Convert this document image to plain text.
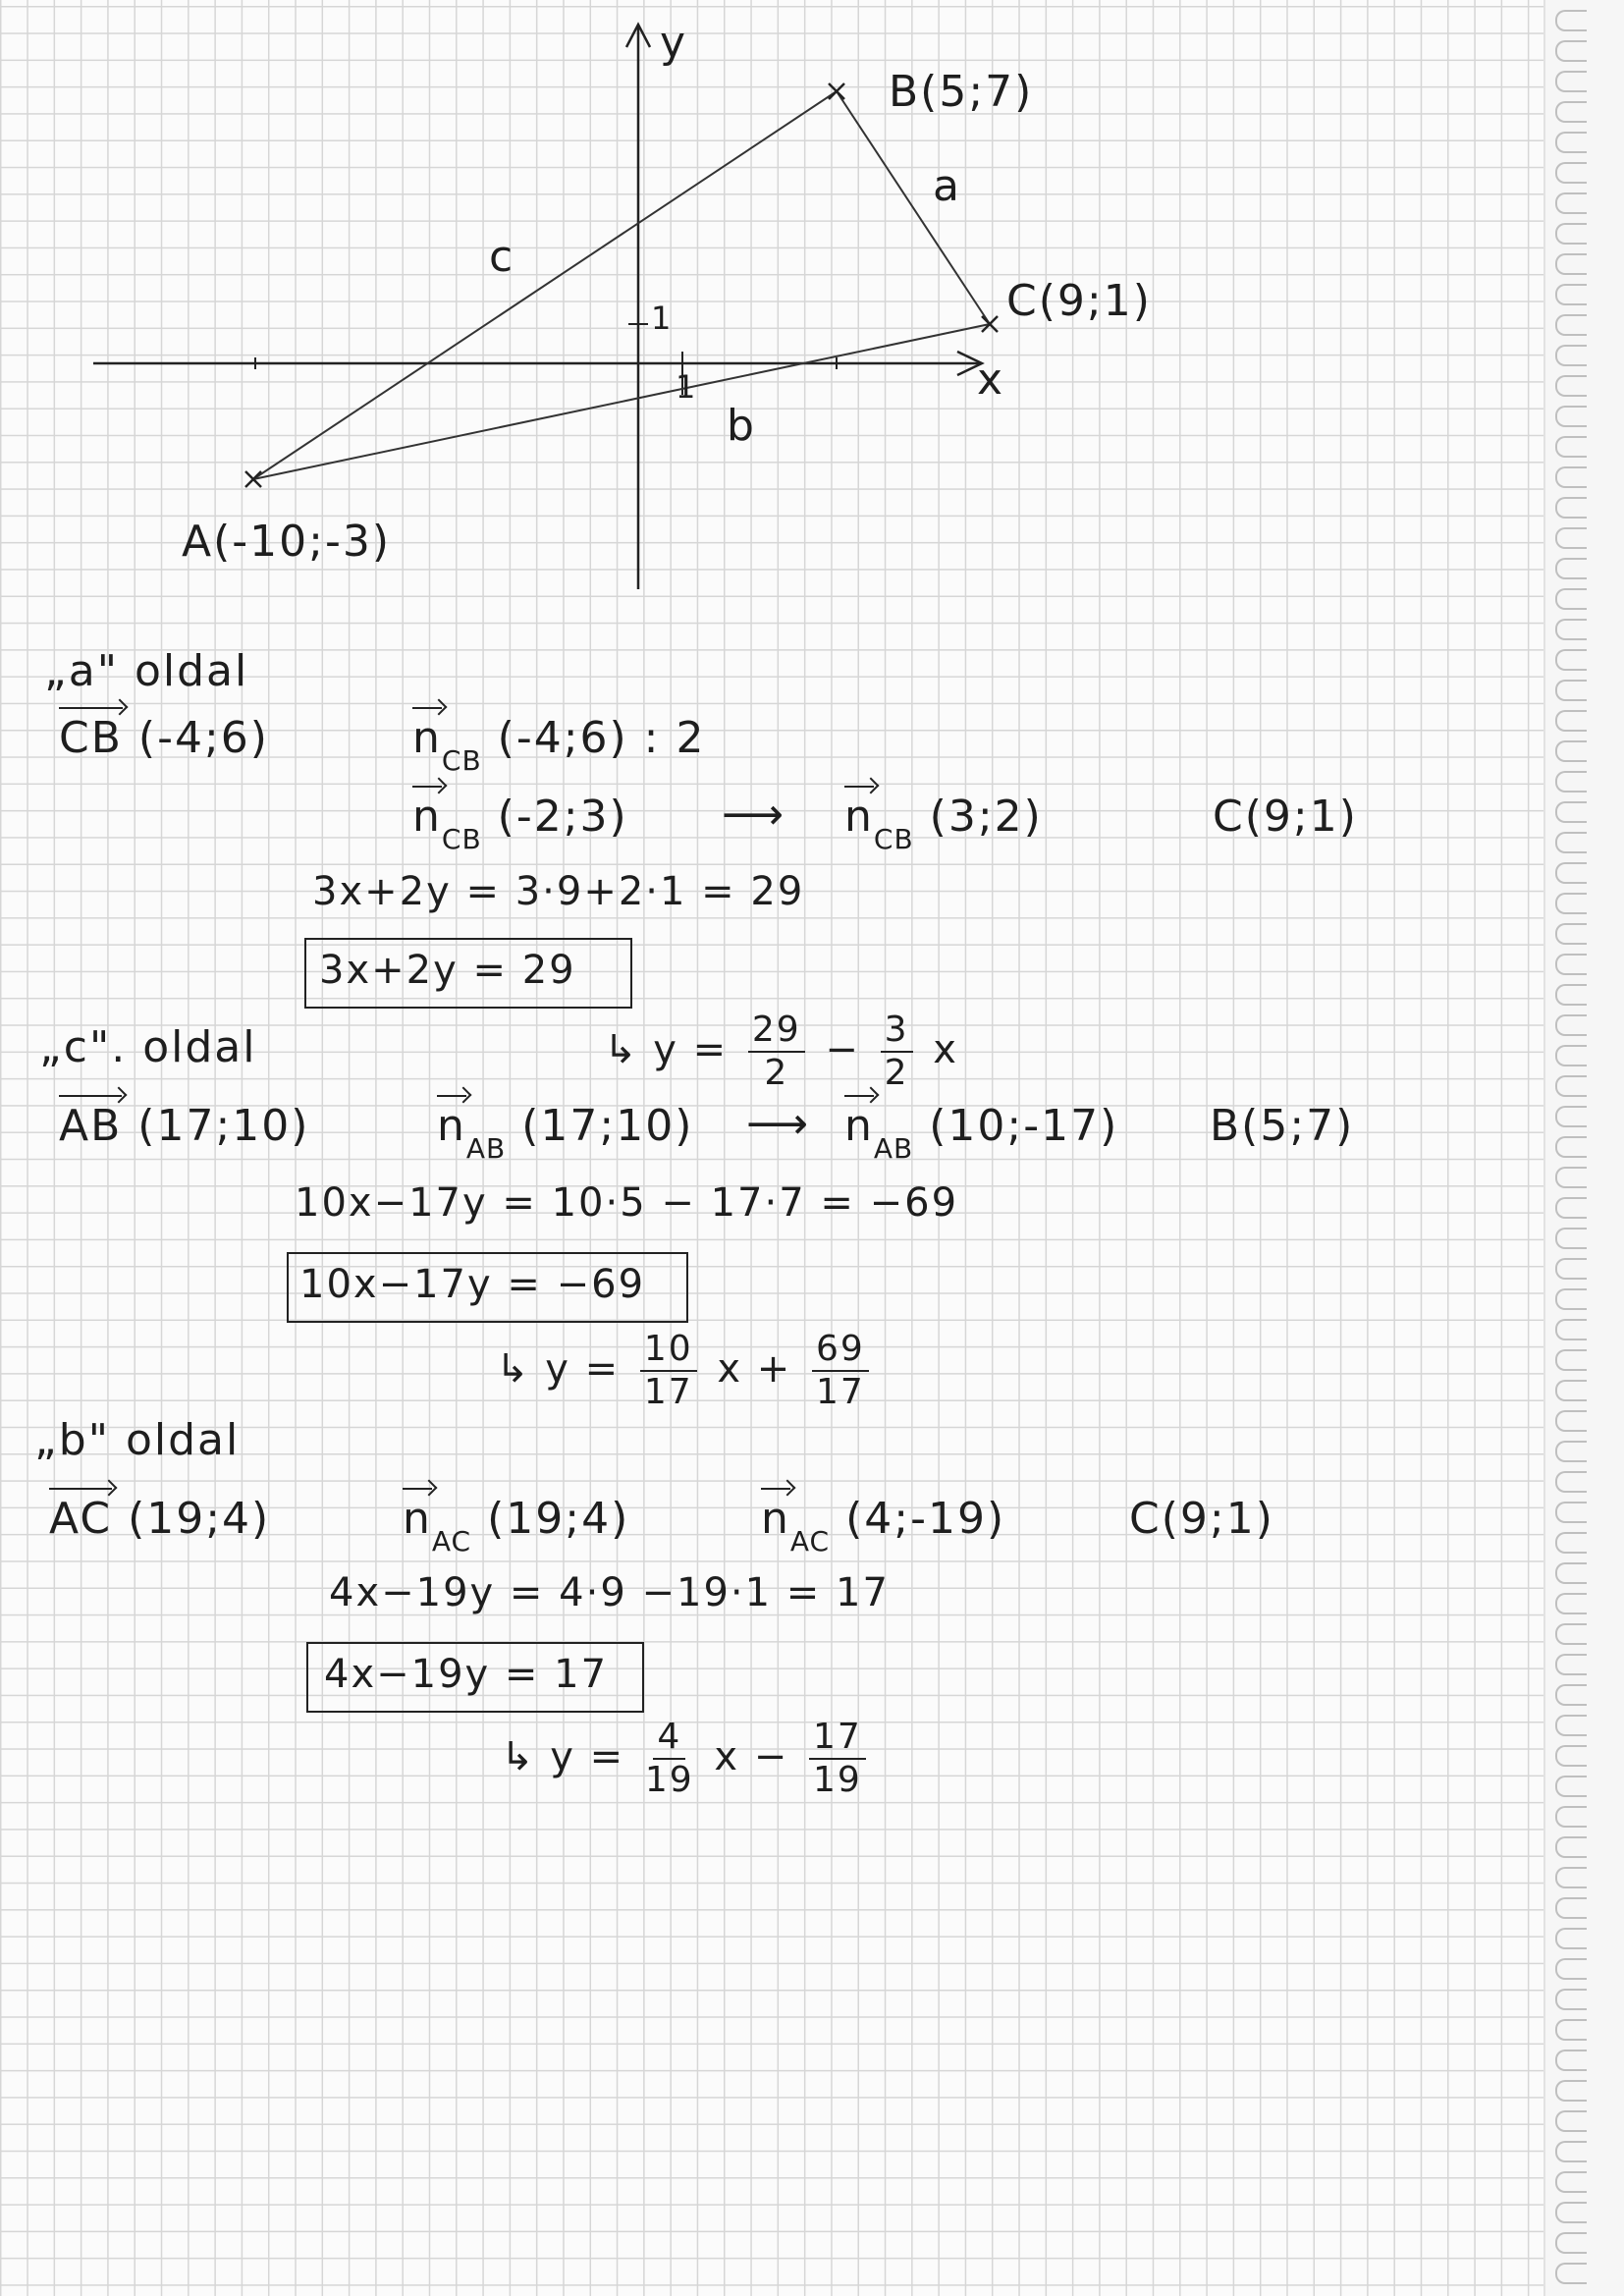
y
x
1
1
B(5;7)
C(9;1)
A(-10;-3)
a
b
c
„a" oldal
CB (-4;6)	$n_{CB}$ (-4;6) : 2
$n_{CB}$ (-2;3) ⟶ $n_{CB}$ (3;2)	C(9;1)
3x+2y = 3·9+2·1 = 29
3x+2y = 29
↳ $y = \frac{29}{2} - \frac{3}{2}$ x
„c". oldal
AB (17;10)	$n_{AB}$ (17;10) ⟶ $n_{AB}$ (10;-17) B(5;7)
10x−17y = 10·5 − 17·7 = −69
10x−17y = −69
↳ $y = \frac{10}{17}$ $x + \frac{69}{17}$
„b" oldal
AC (19;4)	$n_{AC}$ (19;4)	$n_{AC}$ (4;-19)	C(9;1)
4x−19y = 4·9 −19·1 = 17
4x−19y = 17
↳ $y = \frac{4}{19}$ $x - \frac{17}{19}$
